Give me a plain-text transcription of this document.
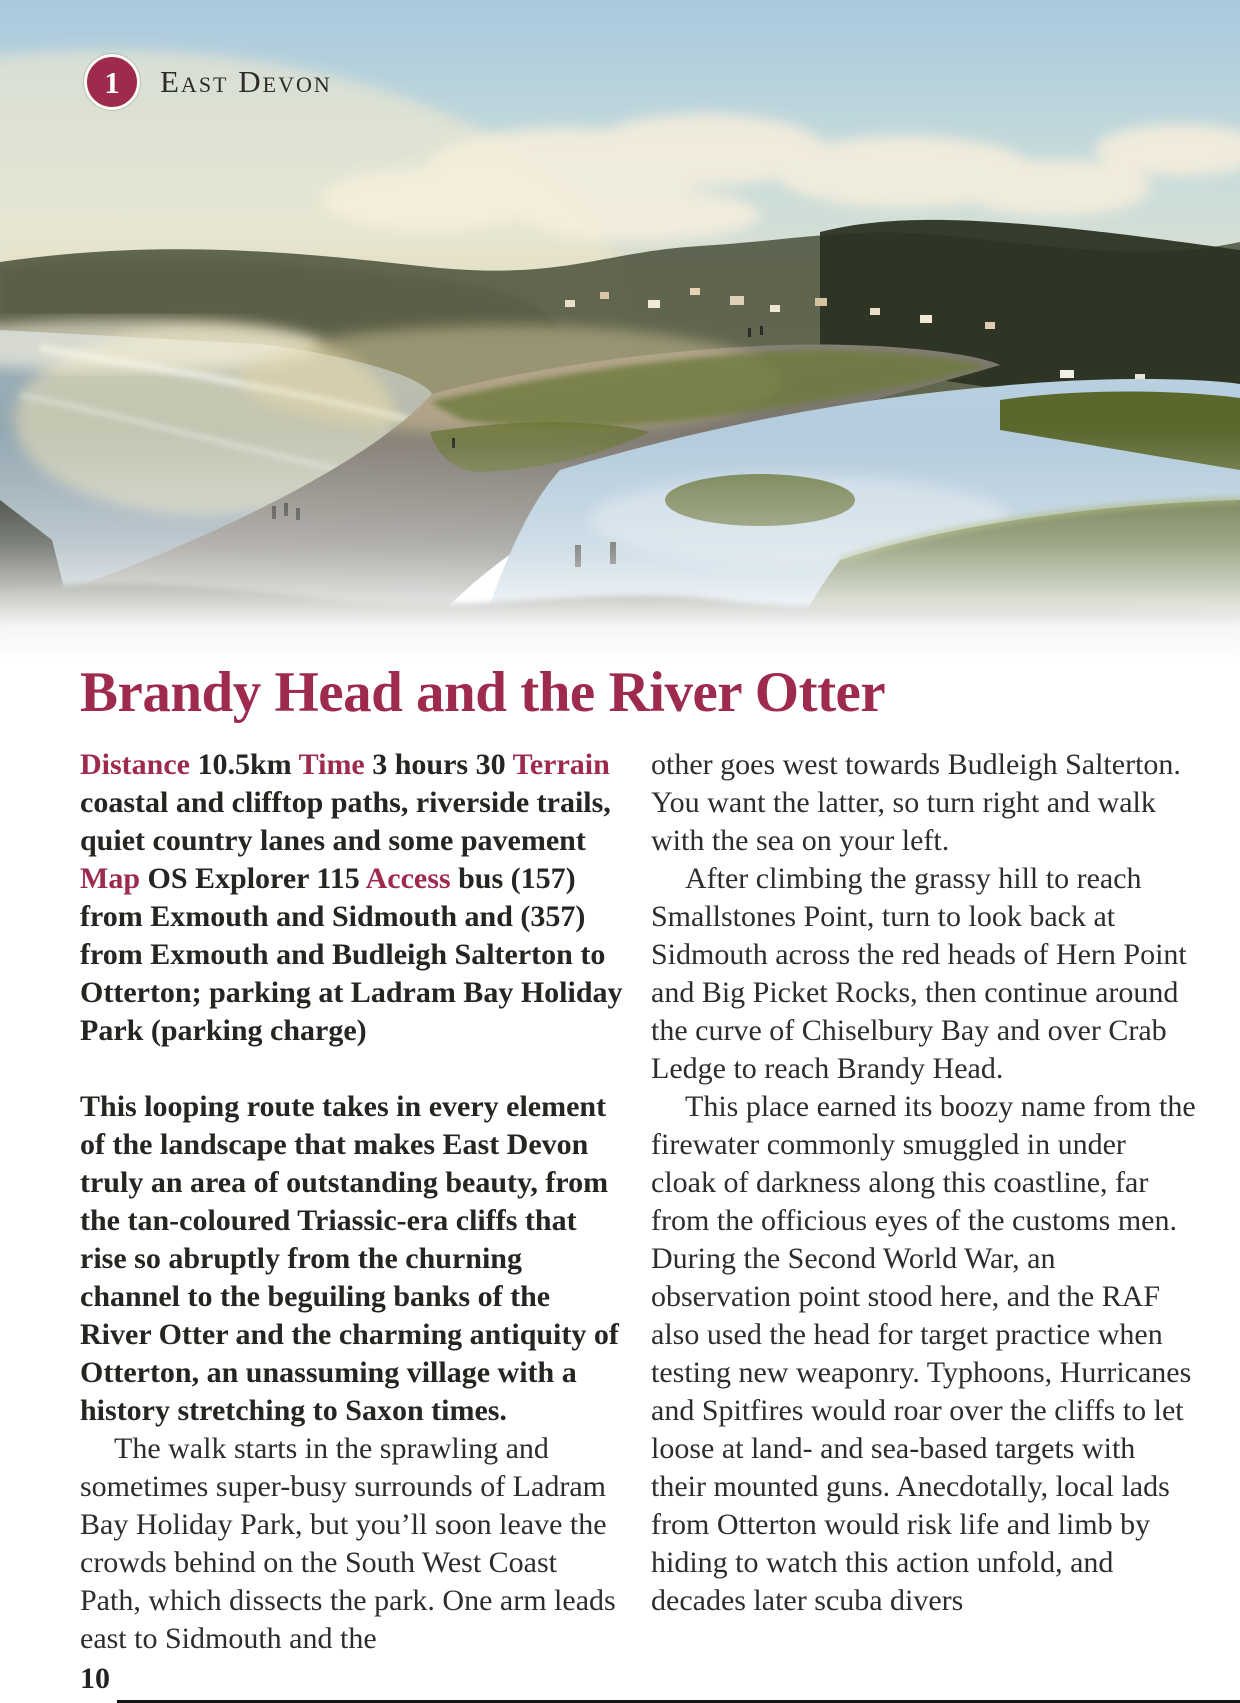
1 East Devon
Brandy Head and the River Otter

Distance 10.5km Time 3 hours 30 Terrain coastal and clifftop paths, riverside trails, quiet country lanes and some pavement Map OS Explorer 115 Access bus (157) from Exmouth and Sidmouth and (357) from Exmouth and Budleigh Salterton to Otterton; parking at Ladram Bay Holiday Park (parking charge)

This looping route takes in every element of the landscape that makes East Devon truly an area of outstanding beauty, from the tan-coloured Triassic-era cliffs that rise so abruptly from the churning channel to the beguiling banks of the River Otter and the charming antiquity of Otterton, an unassuming village with a history stretching to Saxon times.

The walk starts in the sprawling and sometimes super-busy surrounds of Ladram Bay Holiday Park, but you’ll soon leave the crowds behind on the South West Coast Path, which dissects the park. One arm leads east to Sidmouth and the

other goes west towards Budleigh Salterton. You want the latter, so turn right and walk with the sea on your left.

After climbing the grassy hill to reach Smallstones Point, turn to look back at Sidmouth across the red heads of Hern Point and Big Picket Rocks, then continue around the curve of Chiselbury Bay and over Crab Ledge to reach Brandy Head.

This place earned its boozy name from the firewater commonly smuggled in under cloak of darkness along this coastline, far from the officious eyes of the customs men. During the Second World War, an observation point stood here, and the RAF also used the head for target practice when testing new weaponry. Typhoons, Hurricanes and Spitfires would roar over the cliffs to let loose at land- and sea-based targets with their mounted guns. Anecdotally, local lads from Otterton would risk life and limb by hiding to watch this action unfold, and decades later scuba divers

10
